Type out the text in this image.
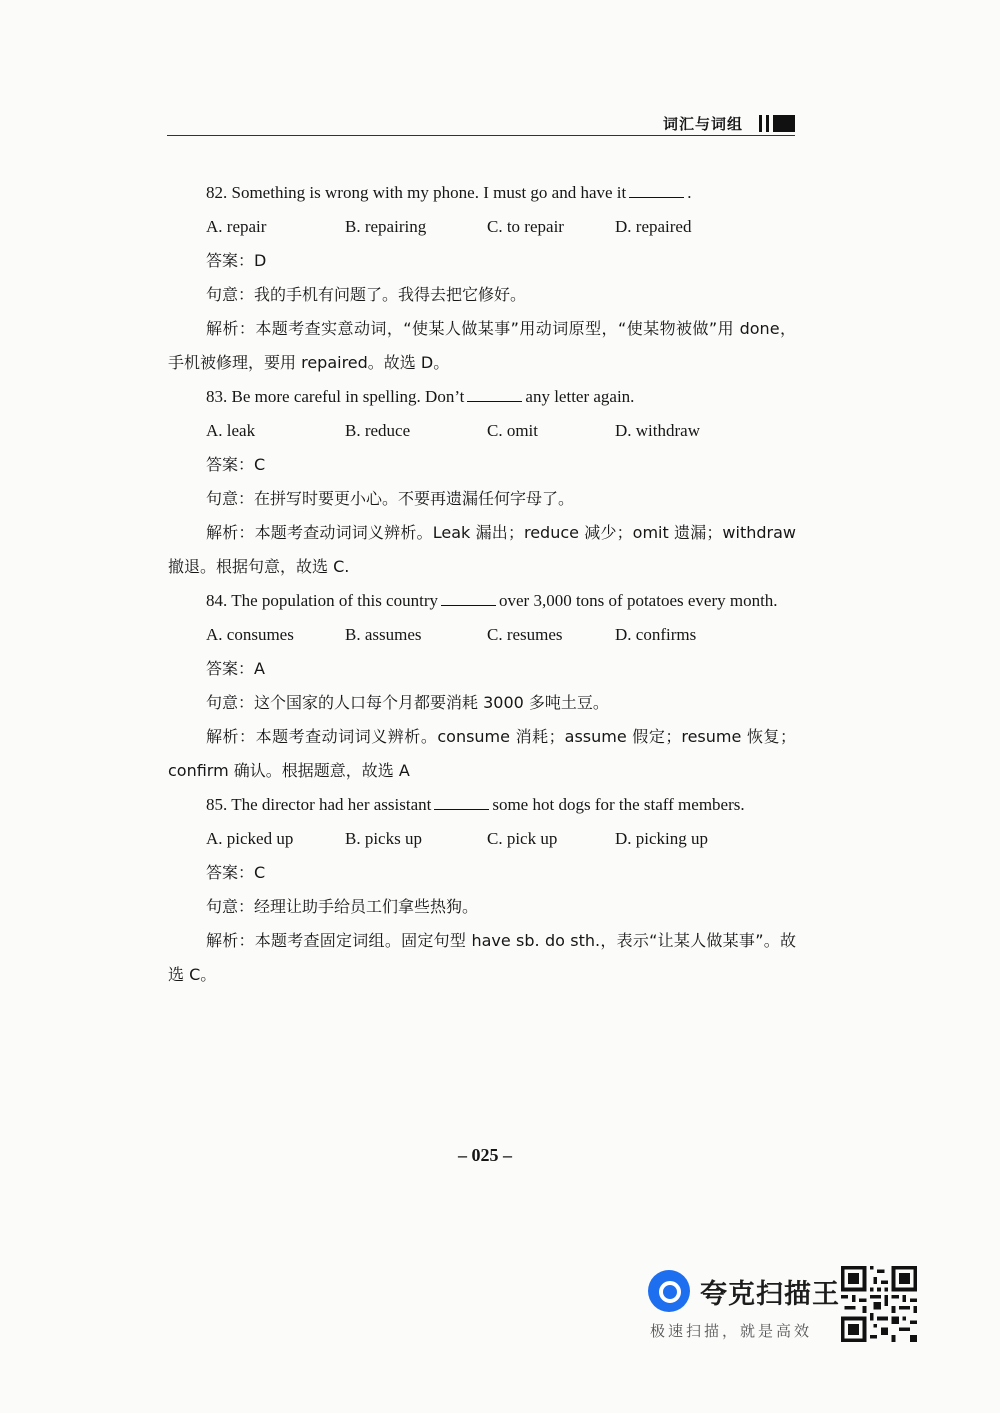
词汇与词组
82. Something is wrong with my phone. I must go and have it	.
A. repair	B. repairing	C. to repair	D. repaired
答案：D
句意：我的手机有问题了。我得去把它修好。
解析：本题考查实意动词，“使某人做某事”用动词原型，“使某物被做”用 done，手机被修理，要用 repaired。故选 D。
83. Be more careful in spelling. Don’t	any letter again.
A. leak	B. reduce	C. omit	D. withdraw
答案：C
句意：在拼写时要更小心。不要再遗漏任何字母了。
解析：本题考查动词词义辨析。Leak 漏出；reduce 减少；omit 遗漏；withdraw 撤退。根据句意，故选 C.
84. The population of this country	over 3,000 tons of potatoes every month.
A. consumes	B. assumes	C. resumes	D. confirms
答案：A
句意：这个国家的人口每个月都要消耗 3000 多吨土豆。
解析：本题考查动词词义辨析。consume 消耗；assume 假定；resume 恢复；confirm 确认。根据题意，故选 A
85. The director had her assistant	some hot dogs for the staff members.
A. picked up	B. picks up	C. pick up	D. picking up
答案：C
句意：经理让助手给员工们拿些热狗。
解析：本题考查固定词组。固定句型 have sb. do sth.，表示“让某人做某事”。故选 C。
– 025 –
夸克扫描王
极速扫描，就是高效
